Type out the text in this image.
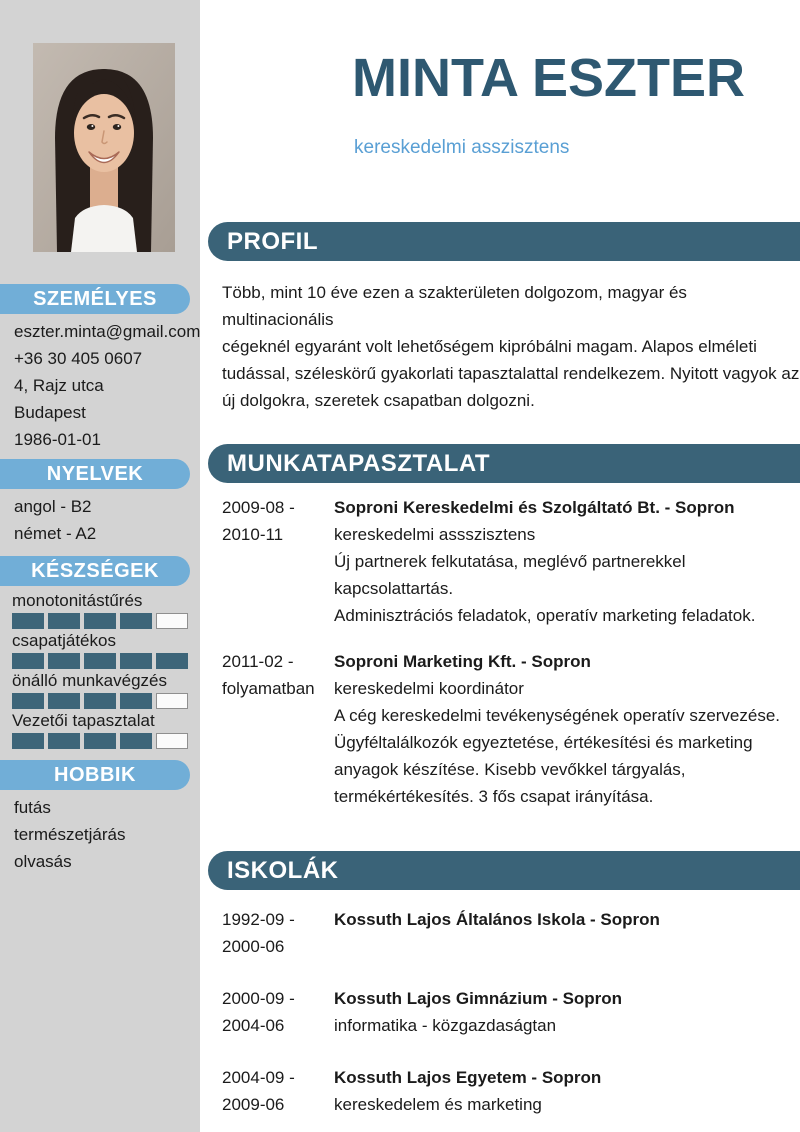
SZEMÉLYES
eszter.minta@gmail.com
+36 30 405 0607
4, Rajz utca
Budapest
1986-01-01
NYELVEK
angol - B2
német - A2
KÉSZSÉGEK
monotonitástűrés
csapatjátékos
önálló munkavégzés
Vezetői tapasztalat
HOBBIK
futás
természetjárás
olvasás
MINTA ESZTER
kereskedelmi asszisztens
PROFIL
Több, mint 10 éve ezen a szakterületen dolgozom, magyar és multinacionális
cégeknél egyaránt volt lehetőségem kipróbálni magam. Alapos elméleti
tudással, széleskörű gyakorlati tapasztalattal rendelkezem. Nyitott vagyok az
új dolgokra, szeretek csapatban dolgozni.
MUNKATAPASZTALAT
2009-08 -
2010-11
Soproni Kereskedelmi és Szolgáltató Bt. - Sopron
kereskedelmi assszisztens
Új partnerek felkutatása, meglévő partnerekkel kapcsolattartás.
Adminisztrációs feladatok, operatív marketing feladatok.
2011-02 -
folyamatban
Soproni Marketing Kft. - Sopron
kereskedelmi koordinátor
A cég kereskedelmi tevékenységének operatív szervezése.
Ügyféltalálkozók egyeztetése, értékesítési és marketing
anyagok készítése. Kisebb vevőkkel tárgyalás,
termékértékesítés. 3 fős csapat irányítása.
ISKOLÁK
1992-09 -
2000-06
Kossuth Lajos Általános Iskola - Sopron
2000-09 -
2004-06
Kossuth Lajos Gimnázium - Sopron
informatika - közgazdaságtan
2004-09 -
2009-06
Kossuth Lajos Egyetem - Sopron
kereskedelem és marketing
